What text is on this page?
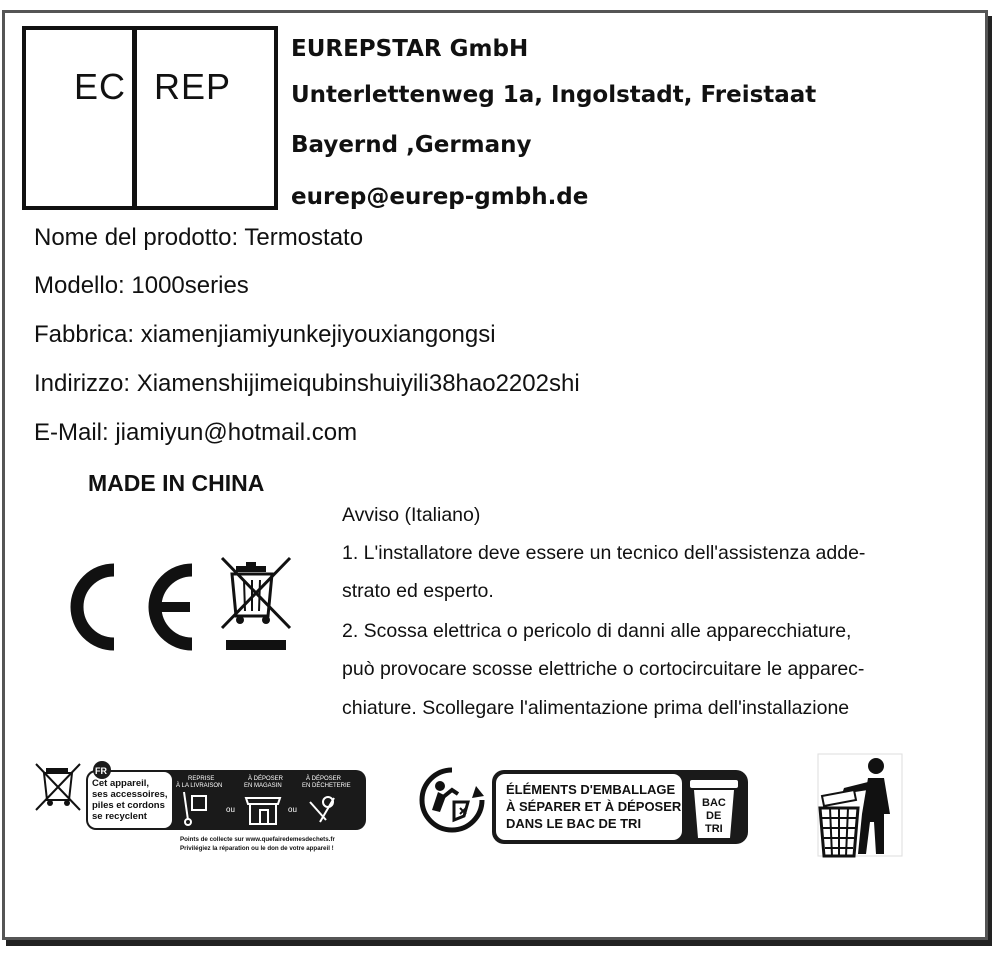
EC REP
EUREPSTAR GmbH
Unterlettenweg 1a, Ingolstadt, Freistaat
Bayernd ,Germany
eurep@eurep-gmbh.de
Nome del prodotto: Termostato
Modello: 1000series
Fabbrica: xiamenjiamiyunkejiyouxiangongsi
Indirizzo: Xiamenshijimeiqubinshuiyili38hao2202shi
E-Mail: jiamiyun@hotmail.com
MADE IN CHINA
Avviso (Italiano)
1. L'installatore deve essere un tecnico dell'assistenza adde-
strato ed esperto.
2. Scossa elettrica o pericolo di danni alle apparecchiature,
può provocare scosse elettriche o cortocircuitare le apparec-
chiature. Scollegare l'alimentazione prima dell'installazione
FR
Cet appareil,
ses accessoires,
piles et cordons
se recyclent
REPRISE
À LA LIVRAISON
À DÉPOSER
EN MAGASIN
À DÉPOSER
EN DÉCHETERIE
ou	ou
Points de collecte sur www.quefairedemesdechets.fr
Privilégiez la réparation ou le don de votre appareil !
ÉLÉMENTS D'EMBALLAGE
À SÉPARER ET À DÉPOSER
DANS LE BAC DE TRI
BAC
DE
TRI
